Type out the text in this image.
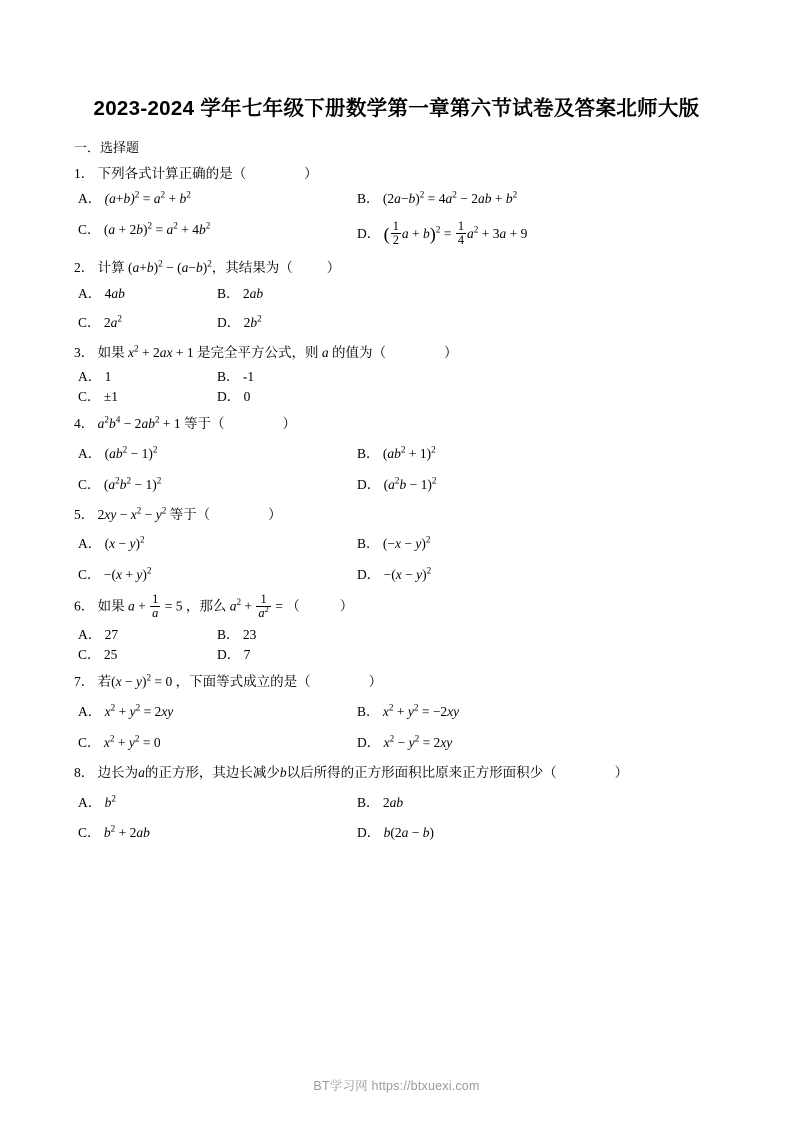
2023-2024 学年七年级下册数学第一章第六节试卷及答案北师大版
一．选择题
1． 下列各式计算正确的是（	）
A． $(a+b)^2 = a^2 + b^2$	B． $(2a-b)^2 = 4a^2 - 2ab + b^2$
C． $(a + 2b)^2 = a^2 + 4b^2$
D． ( $\frac{1}{2}$ $a + b)^2 = \frac{1}{4} a^2 + 3a + 9$
2． 计算 $(a+b)^2 - (a-b)^2$，其结果为（	）
A． 4ab	B． 2ab
C． $2a^2$	D． $2b^2$
3． 如果 $x^2 + 2ax + 1$ 是完全平方公式，则 a 的值为（	）
A． 1	B． -1
C． ±1	D． 0
4． $a^2b^4 - 2ab^2 + 1$ 等于（	）
A． $(ab^2 - 1)^2$	B． $(ab^2 + 1)^2$
C． $(a^2b^2 - 1)^2$	D． $(a^2b - 1)^2$
5． $2xy - x^2 - y^2$ 等于（	）
A． $(x - y)^2$	B． $(-x - y)^2$
C． $-(x + y)^2$	D． $-(x - y)^2$
6． 如果 $a + \frac{1}{a} = 5$ ，那么 $a^2 + \frac{1}{a^2}$ = （	）
A． 27	B． 23
C． 25	D． 7
7． 若$(x - y)^2 = 0$ ，下面等式成立的是（	）
A． $x^2 + y^2 = 2xy$	B． $x^2 + y^2 = -2xy$
C． $x^2 + y^2 = 0$	D． $x^2 - y^2 = 2xy$
8． 边长为a的正方形，其边长减少b以后所得的正方形面积比原来正方形面积少（	）
A． $b^2$	B． 2ab
C． $b^2 + 2ab$	D． b(2a − b)
BT学习网 https://btxuexi.com
